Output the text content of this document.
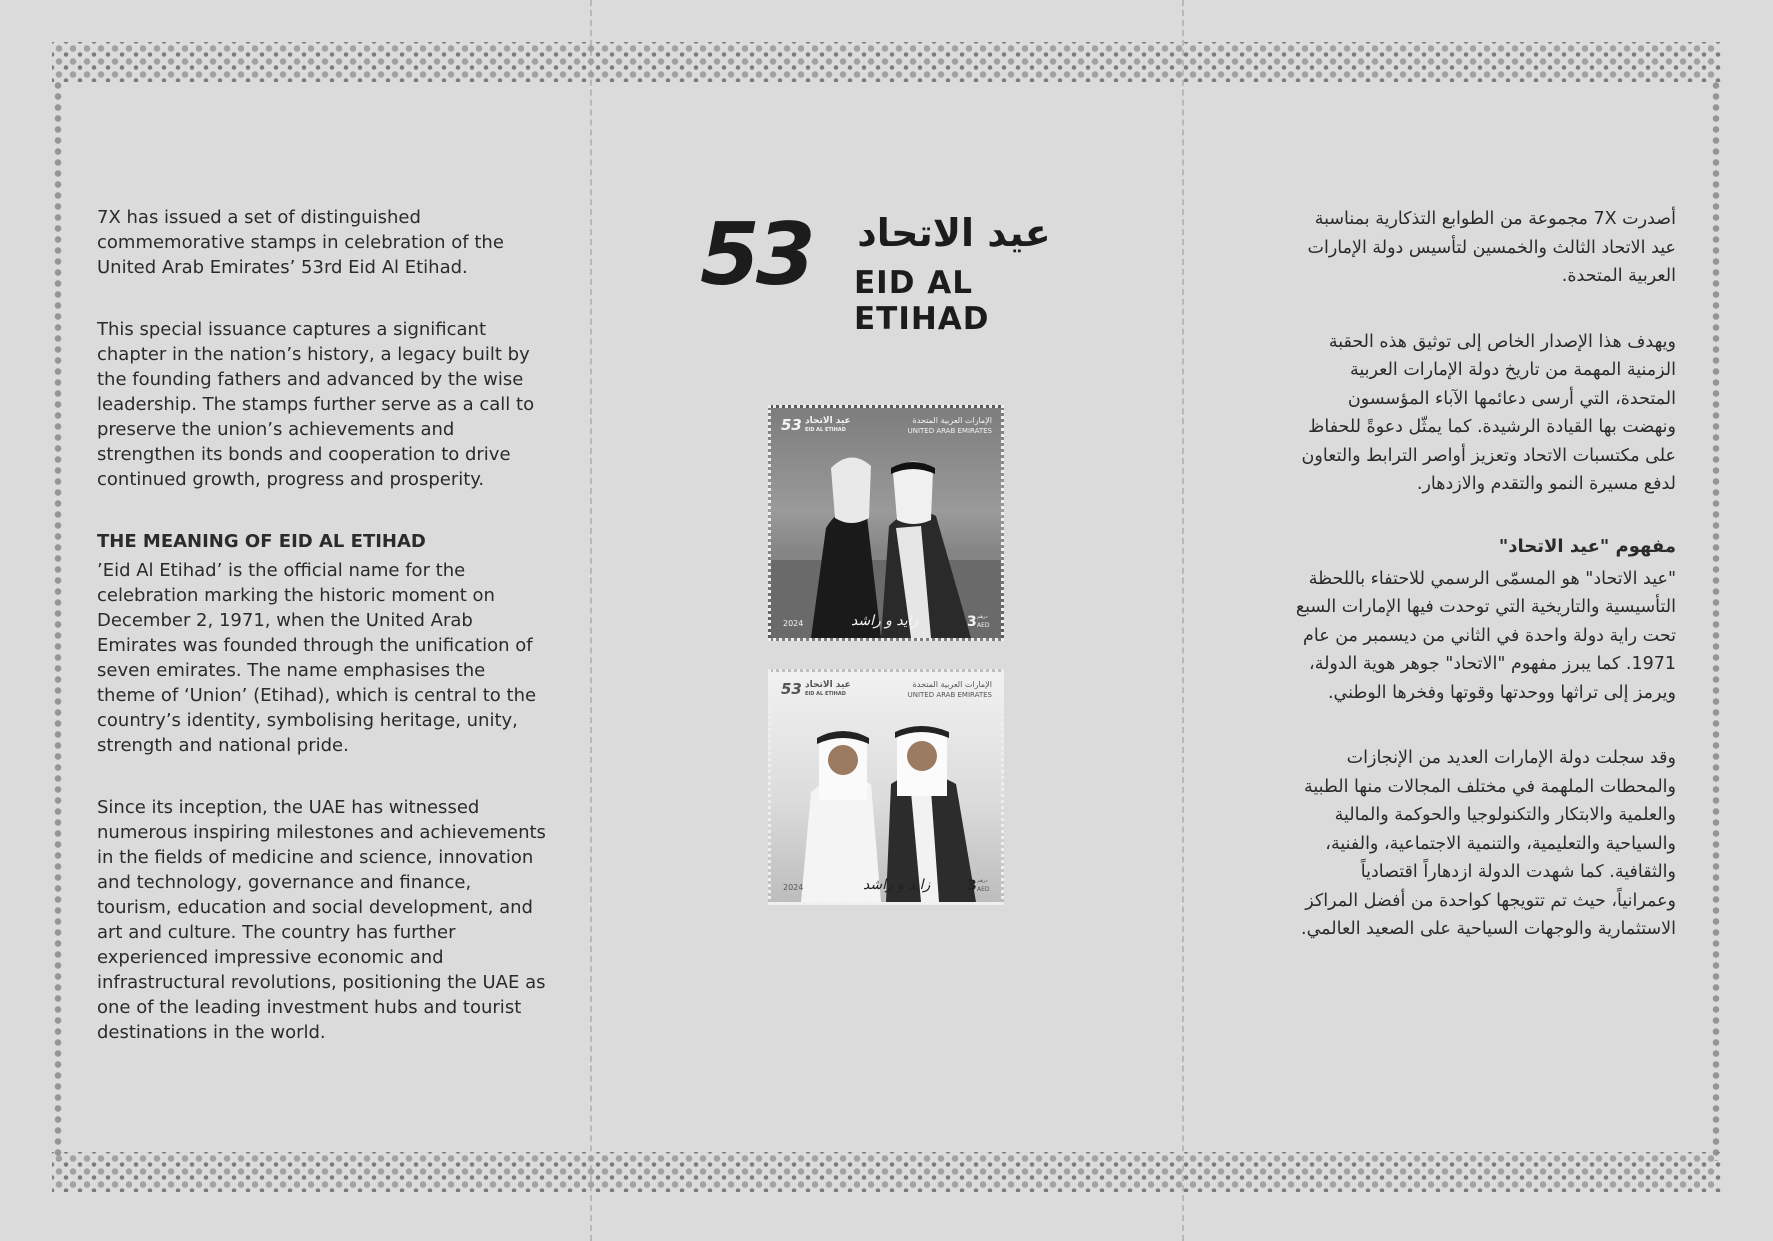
7X has issued a set of distinguished commemorative stamps in celebration of the United Arab Emirates’ 53rd Eid Al Etihad.

This special issuance captures a significant chapter in the nation’s history, a legacy built by the founding fathers and advanced by the wise leadership. The stamps further serve as a call to preserve the union’s achievements and strengthen its bonds and cooperation to drive continued growth, progress and prosperity.

THE MEANING OF EID AL ETIHAD

’Eid Al Etihad’ is the official name for the celebration marking the historic moment on December 2, 1971, when the United Arab Emirates was founded through the unification of seven emirates. The name emphasises the theme of ‘Union’ (Etihad), which is central to the country’s identity, symbolising heritage, unity, strength and national pride.

Since its inception, the UAE has witnessed numerous inspiring milestones and achievements in the fields of medicine and science, innovation and technology, governance and finance, tourism, education and social development, and art and culture. The country has further experienced impressive economic and infrastructural revolutions, positioning the UAE as one of the leading investment hubs and tourist destinations in the world.

53	عيد الاتحاد
EID AL ETIHAD
53 عيد الاتحاد
EID AL ETIHAD
الإمارات العربية المتحدة
UNITED ARAB EMIRATES
2024	زايد و راشد	3 درهم
AED
53 عيد الاتحاد
EID AL ETIHAD
الإمارات العربية المتحدة
UNITED ARAB EMIRATES
2024	زايد و راشد	3 درهم
AED

أصدرت 7X مجموعة من الطوابع التذكارية بمناسبة عيد الاتحاد الثالث والخمسين لتأسيس دولة الإمارات العربية المتحدة.

ويهدف هذا الإصدار الخاص إلى توثيق هذه الحقبة الزمنية المهمة من تاريخ دولة الإمارات العربية المتحدة، التي أرسى دعائمها الآباء المؤسسون ونهضت بها القيادة الرشيدة. كما يمثّل دعوةً للحفاظ على مكتسبات الاتحاد وتعزيز أواصر الترابط والتعاون لدفع مسيرة النمو والتقدم والازدهار.

مفهوم "عيد الاتحاد"

"عيد الاتحاد" هو المسمّى الرسمي للاحتفاء باللحظة التأسيسية والتاريخية التي توحدت فيها الإمارات السبع تحت راية دولة واحدة في الثاني من ديسمبر من عام 1971. كما يبرز مفهوم "الاتحاد" جوهر هوية الدولة، ويرمز إلى تراثها ووحدتها وقوتها وفخرها الوطني.

وقد سجلت دولة الإمارات العديد من الإنجازات والمحطات الملهمة في مختلف المجالات منها الطبية والعلمية والابتكار والتكنولوجيا والحوكمة والمالية والسياحية والتعليمية، والتنمية الاجتماعية، والفنية، والثقافية. كما شهدت الدولة ازدهاراً اقتصادياً وعمرانياً، حيث تم تتويجها كواحدة من أفضل المراكز الاستثمارية والوجهات السياحية على الصعيد العالمي.
